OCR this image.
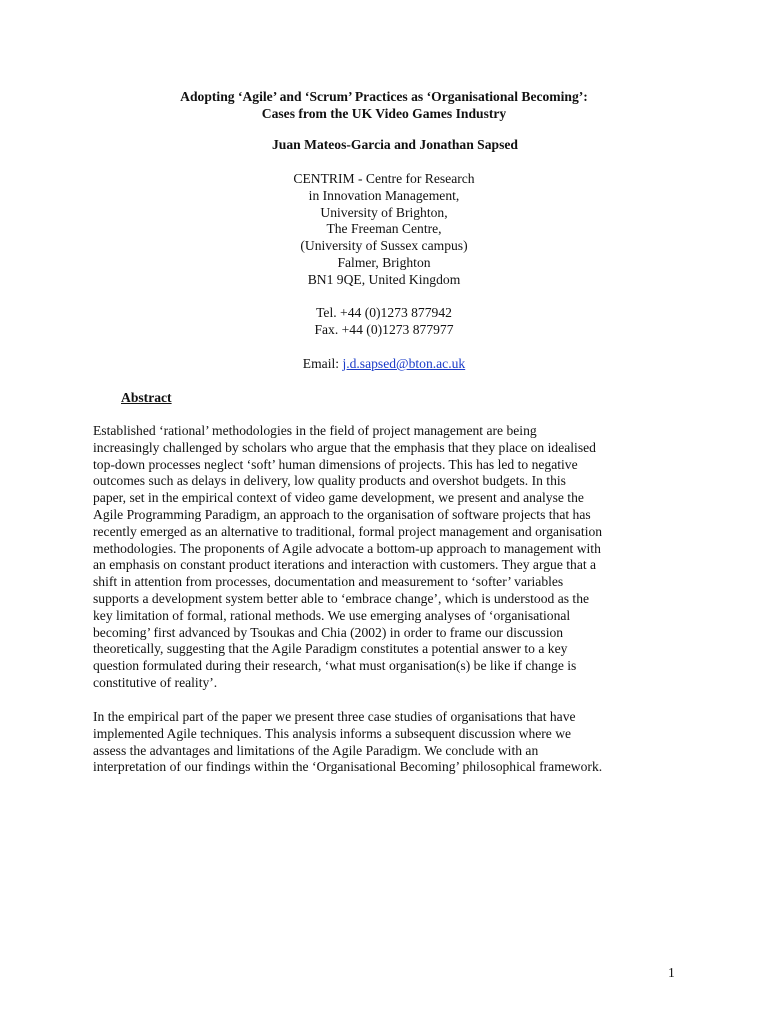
Adopting ‘Agile’ and ‘Scrum’ Practices as ‘Organisational Becoming’:
Cases from the UK Video Games Industry
Juan Mateos-Garcia and Jonathan Sapsed
CENTRIM - Centre for Research
in Innovation Management,
University of Brighton,
The Freeman Centre,
(University of Sussex campus)
Falmer, Brighton
BN1 9QE, United Kingdom
Tel. +44 (0)1273 877942
Fax. +44 (0)1273 877977
Email: j.d.sapsed@bton.ac.uk
Abstract
Established ‘rational’ methodologies in the field of project management are being
increasingly challenged by scholars who argue that the emphasis that they place on idealised
top-down processes neglect ‘soft’ human dimensions of projects. This has led to negative
outcomes such as delays in delivery, low quality products and overshot budgets. In this
paper, set in the empirical context of video game development, we present and analyse the
Agile Programming Paradigm, an approach to the organisation of software projects that has
recently emerged as an alternative to traditional, formal project management and organisation
methodologies. The proponents of Agile advocate a bottom-up approach to management with
an emphasis on constant product iterations and interaction with customers. They argue that a
shift in attention from processes, documentation and measurement to ‘softer’ variables
supports a development system better able to ‘embrace change’, which is understood as the
key limitation of formal, rational methods. We use emerging analyses of ‘organisational
becoming’ first advanced by Tsoukas and Chia (2002) in order to frame our discussion
theoretically, suggesting that the Agile Paradigm constitutes a potential answer to a key
question formulated during their research, ‘what must organisation(s) be like if change is
constitutive of reality’.
In the empirical part of the paper we present three case studies of organisations that have
implemented Agile techniques. This analysis informs a subsequent discussion where we
assess the advantages and limitations of the Agile Paradigm. We conclude with an
interpretation of our findings within the ‘Organisational Becoming’ philosophical framework.
1
